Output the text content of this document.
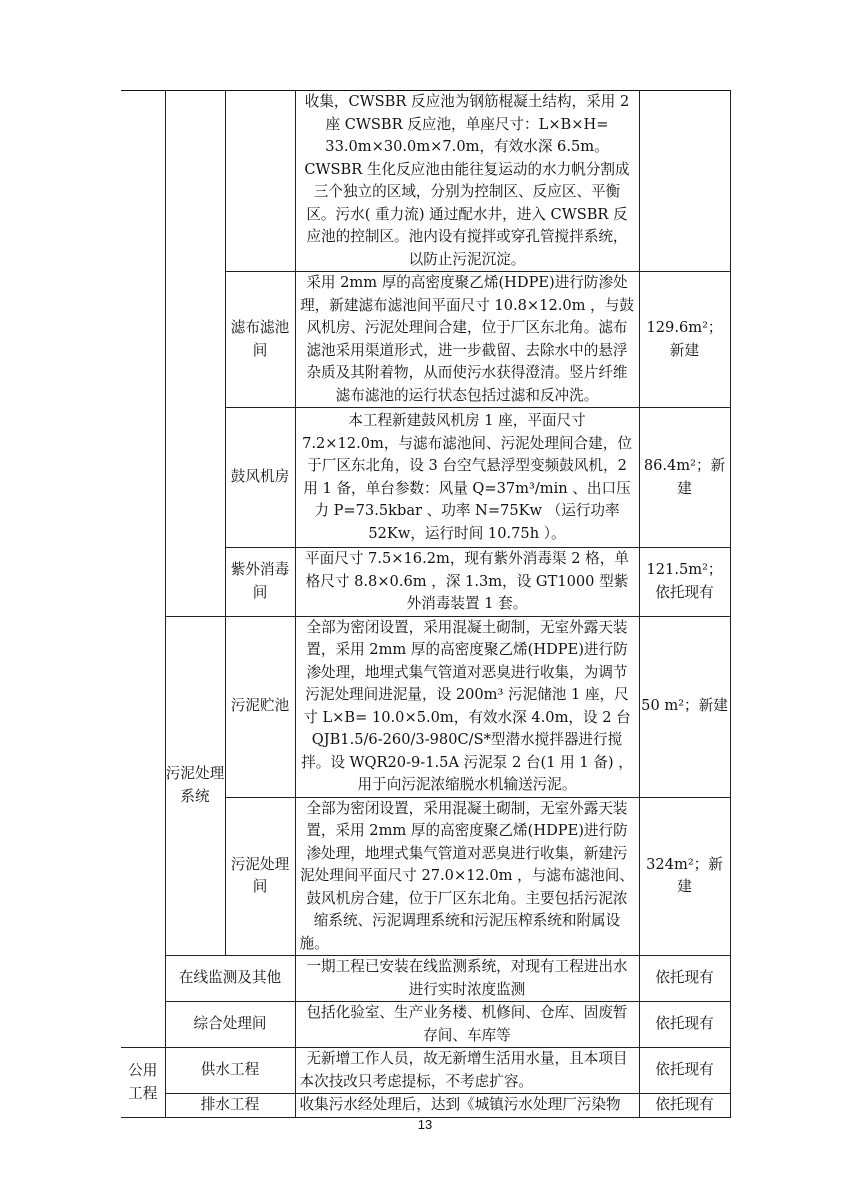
			收集，CWSBR 反应池为钢筋棍凝土结构，采用 2 座 CWSBR 反应池，单座尺寸：L×B×H= 33.0m×30.0m×7.0m，有效水深 6.5m。CWSBR 生化反应池由能往复运动的水力帆分割成三个独立的区域，分别为控制区、反应区、平衡区。污水( 重力流) 通过配水井，进入 CWSBR 反应池的控制区。池内设有搅拌或穿孔管搅拌系统，以防止污泥沉淀。	
		滤布滤池间	采用 2mm 厚的高密度聚乙烯(HDPE)进行防渗处理，新建滤布滤池间平面尺寸 10.8×12.0m ，与鼓风机房、污泥处理间合建，位于厂区东北角。滤布滤池采用渠道形式，进一步截留、去除水中的悬浮杂质及其附着物，从而使污水获得澄清。竖片纤维滤布滤池的运行状态包括过滤和反冲洗。	129.6m²；新建
		鼓风机房	本工程新建鼓风机房 1 座，平面尺寸 7.2×12.0m，与滤布滤池间、污泥处理间合建，位于厂区东北角，设 3 台空气悬浮型变频鼓风机，2 用 1 备，单台参数：风量 Q=37m³/min 、出口压力 P=73.5kbar 、功率 N=75Kw （运行功率 52Kw，运行时间 10.75h ）。	86.4m²；新建
		紫外消毒间	平面尺寸 7.5×16.2m，现有紫外消毒渠 2 格，单格尺寸 8.8×0.6m ，深 1.3m，设 GT1000 型紫外消毒装置 1 套。	121.5m²；依托现有
	污泥处理系统	污泥贮池	全部为密闭设置，采用混凝土砌制，无室外露天装置，采用 2mm 厚的高密度聚乙烯(HDPE)进行防渗处理，地埋式集气管道对恶臭进行收集，为调节污泥处理间进泥量，设 200m³ 污泥储池 1 座，尺寸 L×B= 10.0×5.0m，有效水深 4.0m，设 2 台 QJB1.5/6-260/3-980C/S*型潜水搅拌器进行搅拌。设 WQR20-9-1.5A 污泥泵 2 台(1 用 1 备) ，用于向污泥浓缩脱水机输送污泥。	50 m²；新建
		污泥处理间	全部为密闭设置，采用混凝土砌制，无室外露天装置，采用 2mm 厚的高密度聚乙烯(HDPE)进行防渗处理，地埋式集气管道对恶臭进行收集，新建污泥处理间平面尺寸 27.0×12.0m ，与滤布滤池间、鼓风机房合建，位于厂区东北角。主要包括污泥浓缩系统、污泥调理系统和污泥压榨系统和附属设施。	324m²；新建
	在线监测及其他		一期工程已安装在线监测系统，对现有工程进出水进行实时浓度监测	依托现有
	综合处理间		包括化验室、生产业务楼、机修间、仓库、固废暂存间、车库等	依托现有
公用工程	供水工程		无新增工作人员，故无新增生活用水量，且本项目本次技改只考虑提标，不考虑扩容。	依托现有
	排水工程		收集污水经处理后，达到《城镇污水处理厂污染物	依托现有
13
